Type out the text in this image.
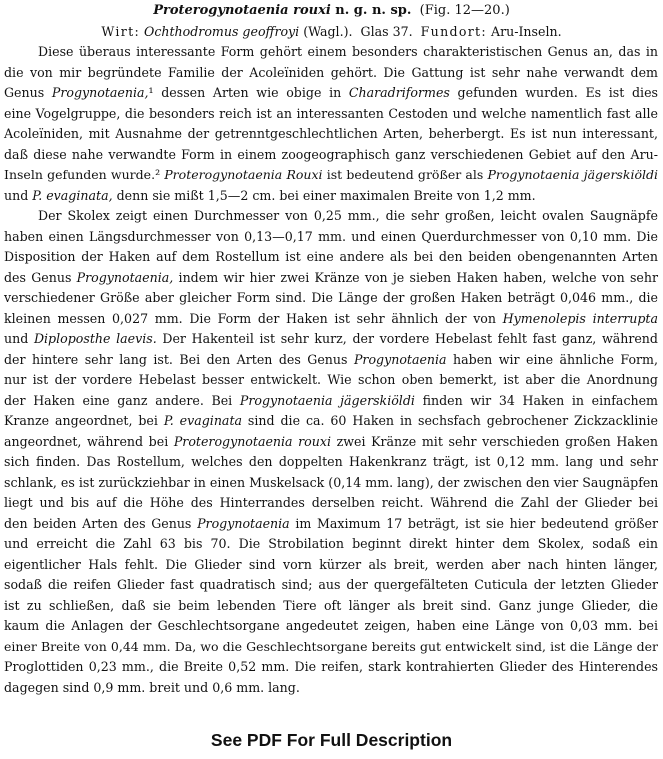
Proterogynotaenia rouxi n. g. n. sp. (Fig. 12—20.)
Wirt: Ochthodromus geoffroyi (Wagl.). Glas 37. Fundort: Aru-Inseln.
Diese überaus interessante Form gehört einem besonders charakteristischen Genus an, das in
die von mir begründete Familie der Acoleïniden gehört. Die Gattung ist sehr nahe verwandt dem
Genus Progynotaenia,¹ dessen Arten wie obige in Charadriformes gefunden wurden. Es ist dies
eine Vogelgruppe, die besonders reich ist an interessanten Cestoden und welche namentlich fast alle
Acoleïniden, mit Ausnahme der getrenntgeschlechtlichen Arten, beherbergt. Es ist nun interessant,
daß diese nahe verwandte Form in einem zoogeographisch ganz verschiedenen Gebiet auf den Aru-
Inseln gefunden wurde.² Proterogynotaenia Rouxi ist bedeutend größer als Progynotaenia jägerskiöldi
und P. evaginata, denn sie mißt 1,5—2 cm. bei einer maximalen Breite von 1,2 mm.
Der Skolex zeigt einen Durchmesser von 0,25 mm., die sehr großen, leicht ovalen Saugnäpfe
haben einen Längsdurchmesser von 0,13—0,17 mm. und einen Querdurchmesser von 0,10 mm. Die
Disposition der Haken auf dem Rostellum ist eine andere als bei den beiden obengenannten Arten
des Genus Progynotaenia, indem wir hier zwei Kränze von je sieben Haken haben, welche von sehr
verschiedener Größe aber gleicher Form sind. Die Länge der großen Haken beträgt 0,046 mm., die
kleinen messen 0,027 mm. Die Form der Haken ist sehr ähnlich der von Hymenolepis interrupta
und Diploposthe laevis. Der Hakenteil ist sehr kurz, der vordere Hebelast fehlt fast ganz, während
der hintere sehr lang ist. Bei den Arten des Genus Progynotaenia haben wir eine ähnliche Form,
nur ist der vordere Hebelast besser entwickelt. Wie schon oben bemerkt, ist aber die Anordnung
der Haken eine ganz andere. Bei Progynotaenia jägerskiöldi finden wir 34 Haken in einfachem
Kranze angeordnet, bei P. evaginata sind die ca. 60 Haken in sechsfach gebrochener Zickzacklinie
angeordnet, während bei Proterogynotaenia rouxi zwei Kränze mit sehr verschieden großen Haken
sich finden. Das Rostellum, welches den doppelten Hakenkranz trägt, ist 0,12 mm. lang und sehr
schlank, es ist zurückziehbar in einen Muskelsack (0,14 mm. lang), der zwischen den vier Saugnäpfen
liegt und bis auf die Höhe des Hinterrandes derselben reicht. Während die Zahl der Glieder bei
den beiden Arten des Genus Progynotaenia im Maximum 17 beträgt, ist sie hier bedeutend größer
und erreicht die Zahl 63 bis 70. Die Strobilation beginnt direkt hinter dem Skolex, sodaß ein
eigentlicher Hals fehlt. Die Glieder sind vorn kürzer als breit, werden aber nach hinten länger,
sodaß die reifen Glieder fast quadratisch sind; aus der quergefälteten Cuticula der letzten Glieder
ist zu schließen, daß sie beim lebenden Tiere oft länger als breit sind. Ganz junge Glieder, die
kaum die Anlagen der Geschlechtsorgane angedeutet zeigen, haben eine Länge von 0,03 mm. bei
einer Breite von 0,44 mm. Da, wo die Geschlechtsorgane bereits gut entwickelt sind, ist die Länge der
Proglottiden 0,23 mm., die Breite 0,52 mm. Die reifen, stark kontrahierten Glieder des Hinterendes
dagegen sind 0,9 mm. breit und 0,6 mm. lang.
See PDF For Full Description
